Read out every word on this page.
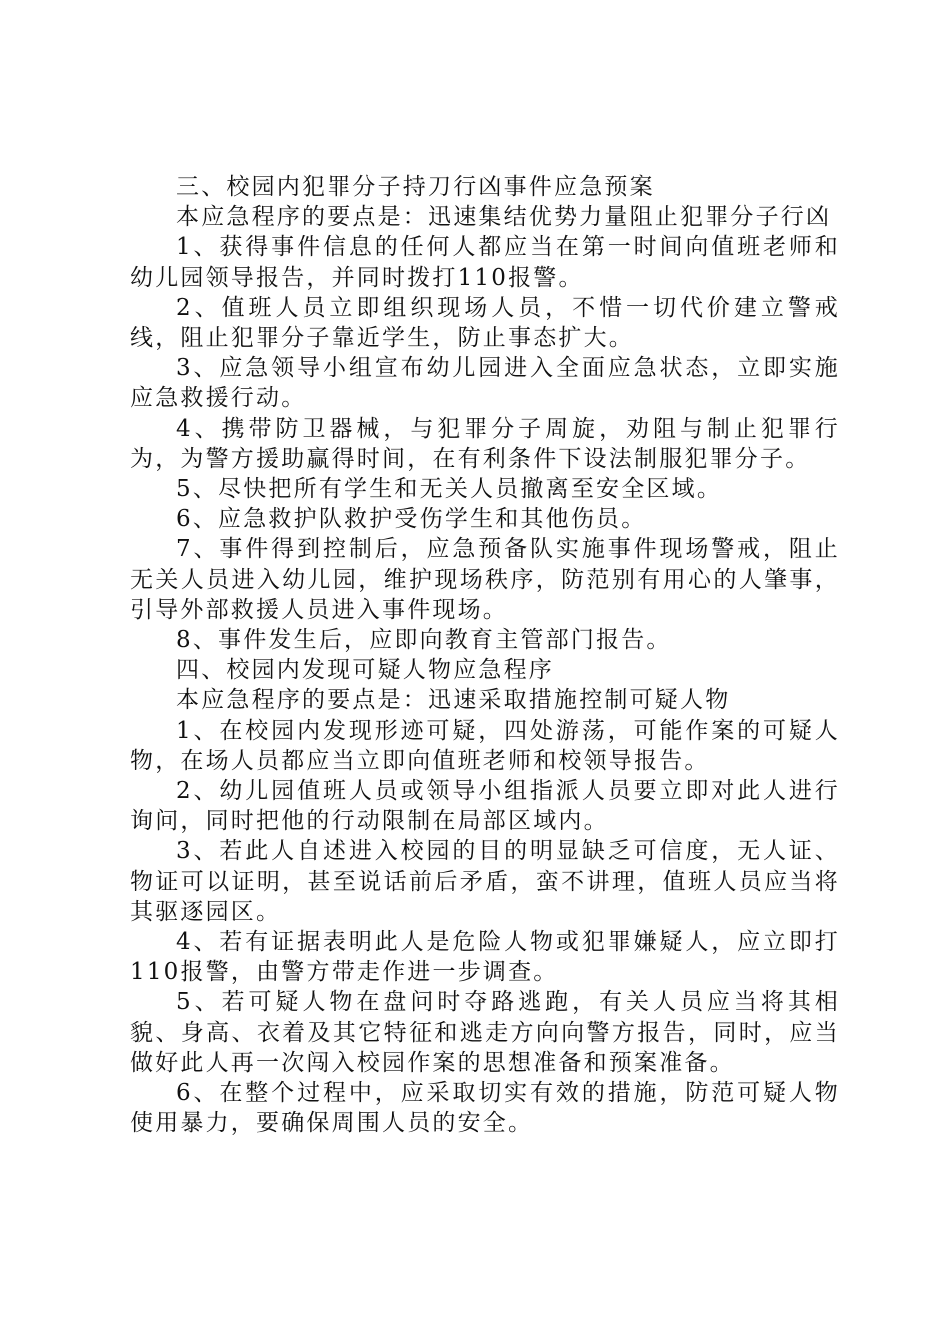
三、校园内犯罪分子持刀行凶事件应急预案

本应急程序的要点是：迅速集结优势力量阻止犯罪分子行凶

1、获得事件信息的任何人都应当在第一时间向值班老师和幼儿园领导报告，并同时拨打110报警。

2、值班人员立即组织现场人员，不惜一切代价建立警戒线，阻止犯罪分子靠近学生，防止事态扩大。

3、应急领导小组宣布幼儿园进入全面应急状态，立即实施应急救援行动。

4、携带防卫器械，与犯罪分子周旋，劝阻与制止犯罪行为，为警方援助赢得时间，在有利条件下设法制服犯罪分子。

5、尽快把所有学生和无关人员撤离至安全区域。

6、应急救护队救护受伤学生和其他伤员。

7、事件得到控制后，应急预备队实施事件现场警戒，阻止无关人员进入幼儿园，维护现场秩序，防范别有用心的人肇事，引导外部救援人员进入事件现场。

8、事件发生后，应即向教育主管部门报告。

四、校园内发现可疑人物应急程序

本应急程序的要点是：迅速采取措施控制可疑人物

1、在校园内发现形迹可疑，四处游荡，可能作案的可疑人物，在场人员都应当立即向值班老师和校领导报告。

2、幼儿园值班人员或领导小组指派人员要立即对此人进行询问，同时把他的行动限制在局部区域内。

3、若此人自述进入校园的目的明显缺乏可信度，无人证、物证可以证明，甚至说话前后矛盾，蛮不讲理，值班人员应当将其驱逐园区。

4、若有证据表明此人是危险人物或犯罪嫌疑人，应立即打110报警，由警方带走作进一步调查。

5、若可疑人物在盘问时夺路逃跑，有关人员应当将其相貌、身高、衣着及其它特征和逃走方向向警方报告，同时，应当做好此人再一次闯入校园作案的思想准备和预案准备。

6、在整个过程中，应采取切实有效的措施，防范可疑人物使用暴力，要确保周围人员的安全。
